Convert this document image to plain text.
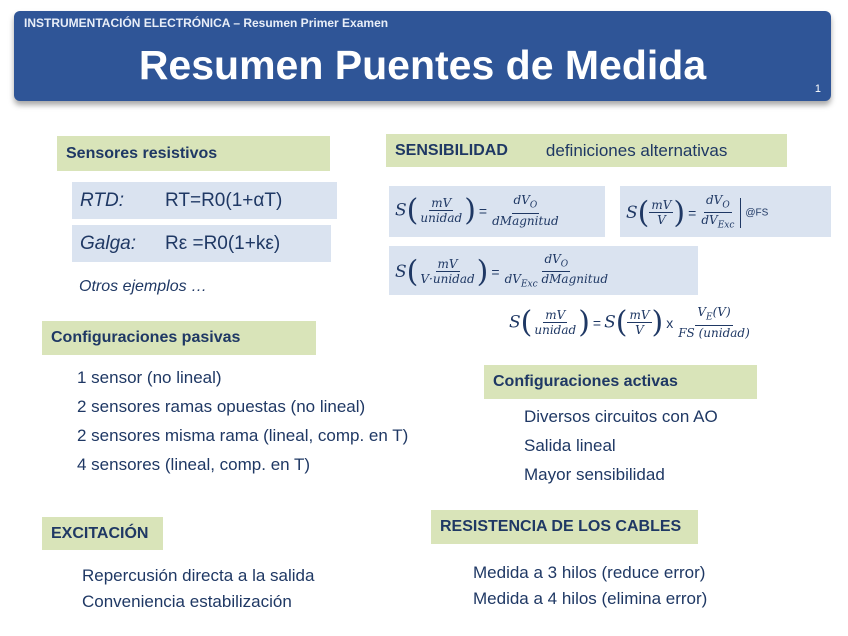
INSTRUMENTACIÓN ELECTRÓNICA – Resumen Primer Examen
Resumen Puentes de Medida
1
Sensores resistivos
RTD: RT=R0(1+αT)
Galga: Rε =R0(1+kε)
Otros ejemplos …
Configuraciones pasivas
1 sensor (no lineal)
2 sensores ramas opuestas (no lineal)
2 sensores misma rama (lineal, comp. en T)
4 sensores (lineal, comp. en T)
EXCITACIÓN
Repercusión directa a la salida
Conveniencia estabilización
SENSIBILIDAD definiciones alternativas
$S( \frac{mV}{\text{unidad}}$ ) = $\frac{dV_O}{\text{dMagnitud}}$	$S( \frac{mV}{V}$ ) = $\frac{dV_O}{dV_{Exc}}$ @FS
$S( \frac{mV}{\text{V·unidad}}$ ) = $\frac{dV_O}{dV_{Exc} dMagnitud}$
$S( \frac{mV}{\text{unidad}}$ ) = $S( \frac{mV}{V}$ ) x $\frac{V_E(V)}{\text{FS (unidad)}}$
Configuraciones activas
Diversos circuitos con AO
Salida lineal
Mayor sensibilidad
RESISTENCIA DE LOS CABLES
Medida a 3 hilos (reduce error)
Medida a 4 hilos (elimina error)
